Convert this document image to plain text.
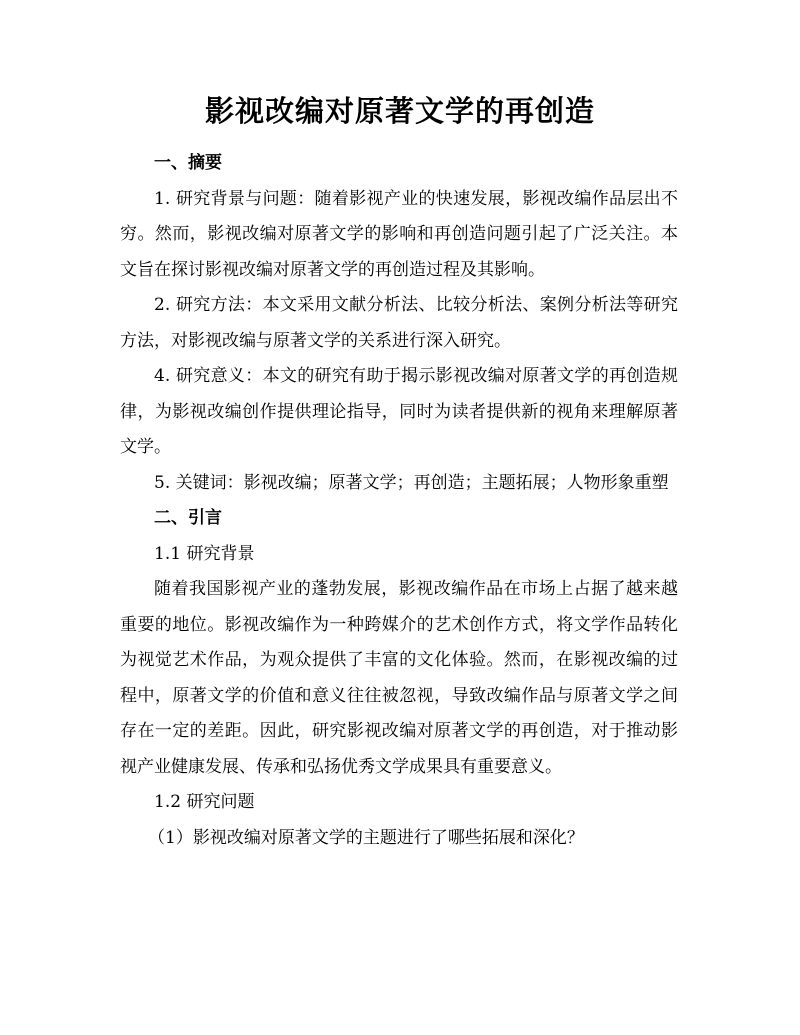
影视改编对原著文学的再创造

一、摘要

1. 研究背景与问题：随着影视产业的快速发展，影视改编作品层出不穷。然而，影视改编对原著文学的影响和再创造问题引起了广泛关注。本文旨在探讨影视改编对原著文学的再创造过程及其影响。

2. 研究方法：本文采用文献分析法、比较分析法、案例分析法等研究方法，对影视改编与原著文学的关系进行深入研究。

4. 研究意义：本文的研究有助于揭示影视改编对原著文学的再创造规律，为影视改编创作提供理论指导，同时为读者提供新的视角来理解原著文学。

5. 关键词：影视改编；原著文学；再创造；主题拓展；人物形象重塑

二、引言

1.1 研究背景

随着我国影视产业的蓬勃发展，影视改编作品在市场上占据了越来越重要的地位。影视改编作为一种跨媒介的艺术创作方式，将文学作品转化为视觉艺术作品，为观众提供了丰富的文化体验。然而，在影视改编的过程中，原著文学的价值和意义往往被忽视，导致改编作品与原著文学之间存在一定的差距。因此，研究影视改编对原著文学的再创造，对于推动影视产业健康发展、传承和弘扬优秀文学成果具有重要意义。

1.2 研究问题

（1）影视改编对原著文学的主题进行了哪些拓展和深化？
